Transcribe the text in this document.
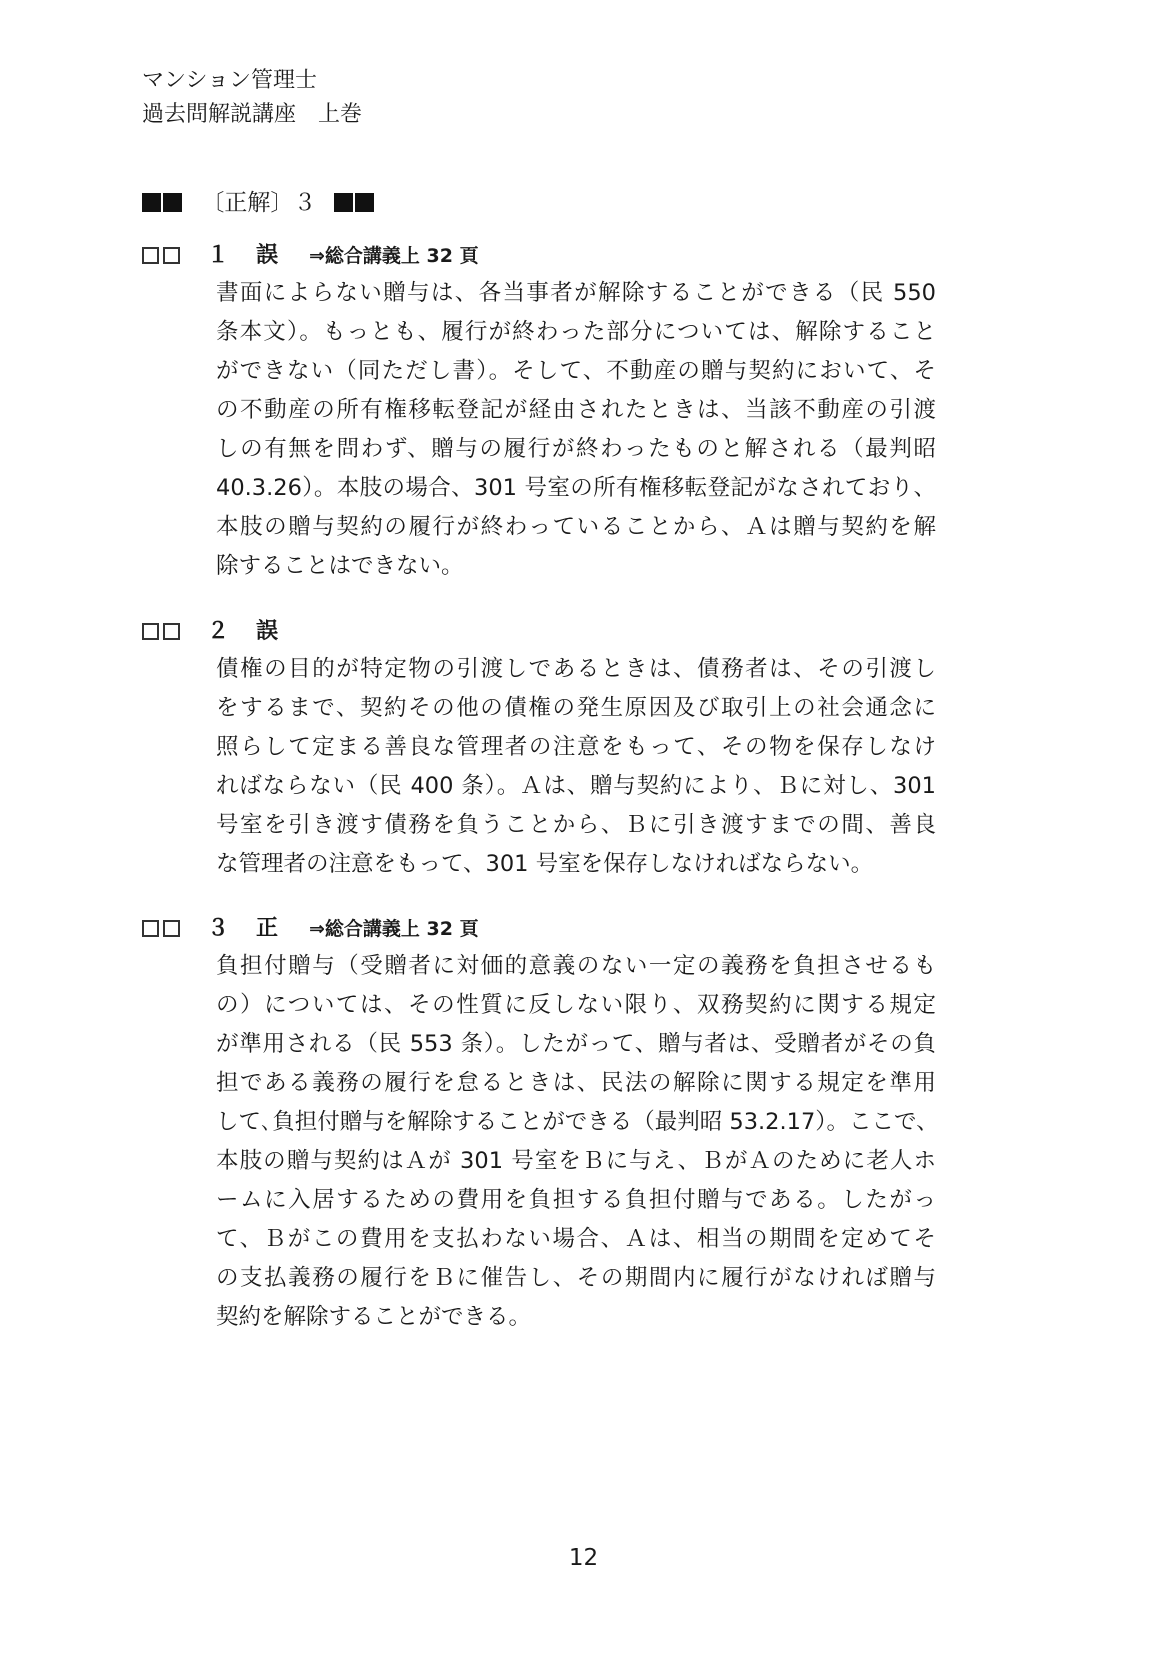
マンション管理士
過去問解説講座　上巻
〔正解〕３
１ 誤 ⇒総合講義上 32 頁
書面によらない贈与は、各当事者が解除することができる（民 550
条本文）。もっとも、履行が終わった部分については、解除すること
ができない（同ただし書）。そして、不動産の贈与契約において、そ
の不動産の所有権移転登記が経由されたときは、当該不動産の引渡
しの有無を問わず、贈与の履行が終わったものと解される（最判昭
40.3.26）。本肢の場合、301 号室の所有権移転登記がなされており、
本肢の贈与契約の履行が終わっていることから、Ａは贈与契約を解
除することはできない。
２ 誤
債権の目的が特定物の引渡しであるときは、債務者は、その引渡し
をするまで、契約その他の債権の発生原因及び取引上の社会通念に
照らして定まる善良な管理者の注意をもって、その物を保存しなけ
ればならない（民 400 条）。Ａは、贈与契約により、Ｂに対し、301
号室を引き渡す債務を負うことから、Ｂに引き渡すまでの間、善良
な管理者の注意をもって、301 号室を保存しなければならない。
３ 正 ⇒総合講義上 32 頁
負担付贈与（受贈者に対価的意義のない一定の義務を負担させるも
の）については、その性質に反しない限り、双務契約に関する規定
が準用される（民 553 条）。したがって、贈与者は、受贈者がその負
担である義務の履行を怠るときは、民法の解除に関する規定を準用
して､負担付贈与を解除することができる（最判昭 53.2.17）。ここで、
本肢の贈与契約はＡが 301 号室をＢに与え、ＢがＡのために老人ホ
ームに入居するための費用を負担する負担付贈与である。したがっ
て、Ｂがこの費用を支払わない場合、Ａは、相当の期間を定めてそ
の支払義務の履行をＢに催告し、その期間内に履行がなければ贈与
契約を解除することができる。
12
